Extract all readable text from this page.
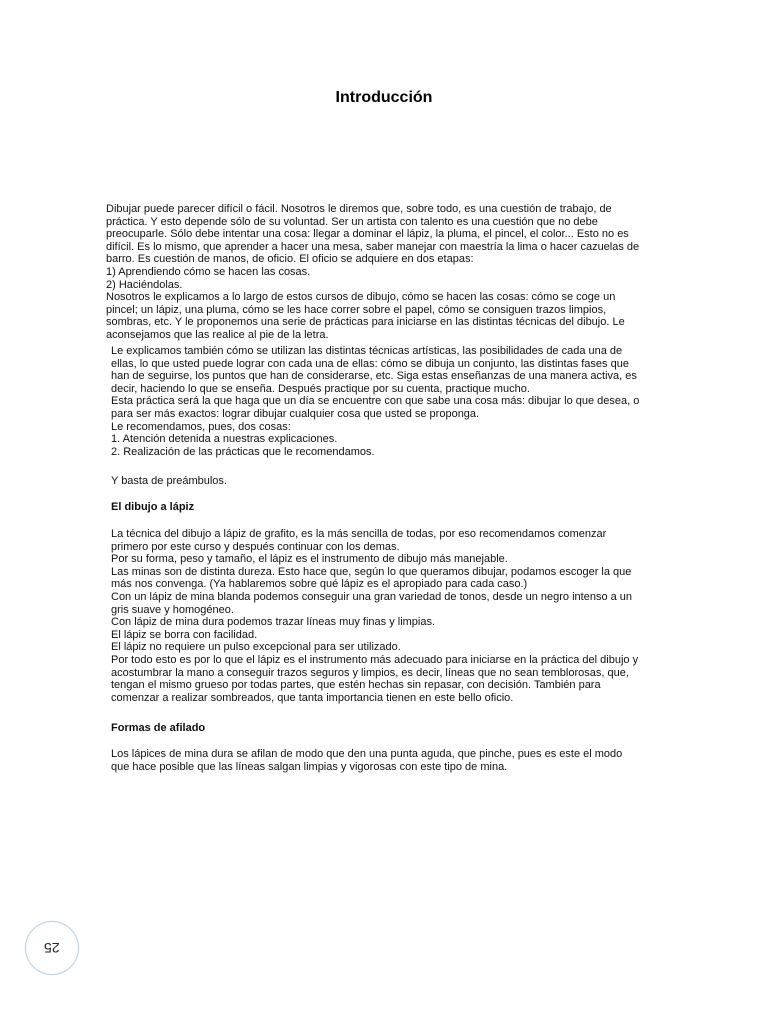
Introducción
Dibujar puede parecer difícil o fácil. Nosotros le diremos que, sobre todo, es una cuestión de trabajo, de
práctica. Y esto depende sólo de su voluntad. Ser un artista con talento es una cuestión que no debe
preocuparle. Sólo debe intentar una cosa: llegar a dominar el lápiz, la pluma, el pincel, el color... Esto no es
difícil. Es lo mismo, que aprender a hacer una mesa, saber manejar con maestría la lima o hacer cazuelas de
barro. Es cuestión de manos, de oficio. El oficio se adquiere en dos etapas:
1) Aprendiendo cómo se hacen las cosas.
2) Haciéndolas.
Nosotros le explicamos a lo largo de estos cursos de dibujo, cómo se hacen las cosas: cómo se coge un
pincel; un lápiz, una pluma, cómo se les hace correr sobre el papel, cómo se consiguen trazos limpios,
sombras, etc. Y le proponemos una serie de prácticas para iniciarse en las distintas técnicas del dibujo. Le
aconsejamos que las realice al pie de la letra.
Le explicamos también cómo se utilizan las distintas técnicas artísticas, las posibilidades de cada una de
ellas, lo que usted puede lograr con cada una de ellas: cómo se dibuja un conjunto, las distintas fases que
han de seguirse, los puntos que han de considerarse, etc. Siga estas enseñanzas de una manera activa, es
decir, haciendo lo que se enseña. Después practique por su cuenta, practique mucho.
Esta práctica será la que haga que un día se encuentre con que sabe una cosa más: dibujar lo que desea, o
para ser más exactos: lograr dibujar cualquier cosa que usted se proponga.
Le recomendamos, pues, dos cosas:
1. Atención detenida a nuestras explicaciones.
2. Realización de las prácticas que le recomendamos.
Y basta de preámbulos.
El dibujo a lápiz
La técnica del dibujo a lápiz de grafito, es la más sencilla de todas, por eso recomendamos comenzar
primero por este curso y después continuar con los demas.
Por su forma, peso y tamaño, el lápiz es el instrumento de dibujo más manejable.
Las minas son de distinta dureza. Esto hace que, según lo que queramos dibujar, podamos escoger la que
más nos convenga. (Ya hablaremos sobre qué lápiz es el apropiado para cada caso.)
Con un lápiz de mina blanda podemos conseguir una gran variedad de tonos, desde un negro intenso a un
gris suave y homogéneo.
Con lápiz de mina dura podemos trazar líneas muy finas y limpias.
El lápiz se borra con facilidad.
El lápiz no requiere un pulso excepcional para ser utilizado.
Por todo esto es por lo que el lápiz es el instrumento más adecuado para iniciarse en la práctica del dibujo y
acostumbrar la mano a conseguir trazos seguros y limpios, es decir, líneas que no sean temblorosas, que,
tengan el mismo grueso por todas partes, que estén hechas sin repasar, con decisión. También para
comenzar a realizar sombreados, que tanta importancia tienen en este bello oficio.
Formas de afilado
Los lápices de mina dura se afilan de modo que den una punta aguda, que pinche, pues es este el modo
que hace posible que las líneas salgan limpias y vigorosas con este tipo de mina.
25
